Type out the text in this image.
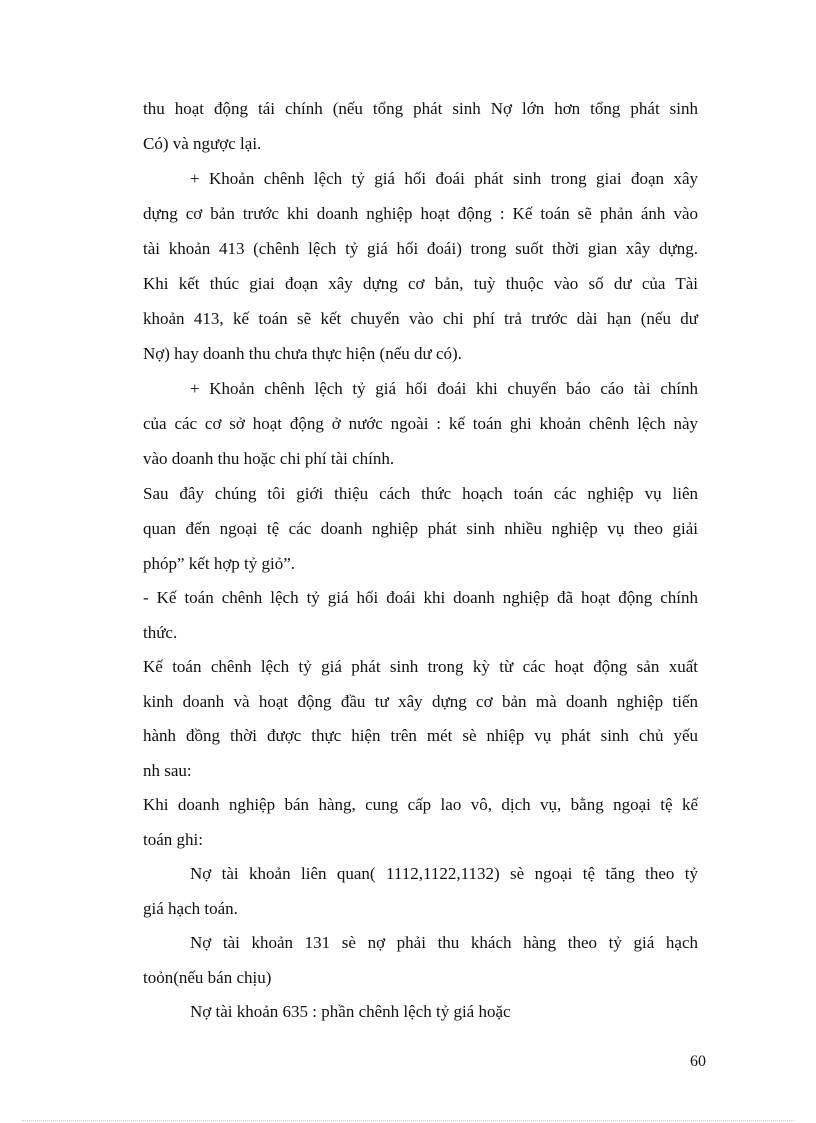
thu hoạt động tái chính (nếu tổng phát sinh Nợ lớn hơn tổng phát sinh
Có) và ngược lại.
+ Khoản chênh lệch tỷ giá hối đoái phát sinh trong giai đoạn xây
dựng cơ bản trước khi doanh nghiệp hoạt động : Kế toán sẽ phản ánh vào
tài khoản 413 (chênh lệch tỷ giá hối đoái) trong suốt thời gian xây dựng.
Khi kết thúc giai đoạn xây dựng cơ bản, tuỳ thuộc vào số dư của Tài
khoản 413, kế toán sẽ kết chuyển vào chi phí trả trước dài hạn (nếu dư
Nợ) hay doanh thu chưa thực hiện (nếu dư có).
+ Khoản chênh lệch tỷ giá hối đoái khi chuyển báo cáo tài chính
của các cơ sở hoạt động ở nước ngoài : kế toán ghi khoản chênh lệch này
vào doanh thu hoặc chi phí tài chính.
Sau đây chúng tôi giới thiệu cách thức hoạch toán các nghiệp vụ liên
quan đến ngoại tệ các doanh nghiệp phát sinh nhiều nghiệp vụ theo giải
phóp” kết hợp tỷ giỏ”.
- Kế toán chênh lệch tỷ giá hối đoái khi doanh nghiệp đã hoạt động chính
thức.
Kế toán chênh lệch tỷ giá phát sinh trong kỳ từ các hoạt động sản xuất
kinh doanh và hoạt động đầu tư xây dựng cơ bản mà doanh nghiệp tiến
hành đồng thời được thực hiện trên mét sè nhiệp vụ phát sinh chủ yếu
nh sau:
Khi doanh nghiệp bán hàng, cung cấp lao vô, dịch vụ, bằng ngoại tệ kế
toán ghi:
Nợ tài khoản liên quan( 1112,1122,1132) sè ngoại tệ tăng theo tỷ
giá hạch toán.
Nợ tài khoản 131 sè nợ phải thu khách hàng theo tỷ giá hạch
toỏn(nếu bán chịu)
Nợ tài khoản 635 : phần chênh lệch tỷ giá hoặc
60
